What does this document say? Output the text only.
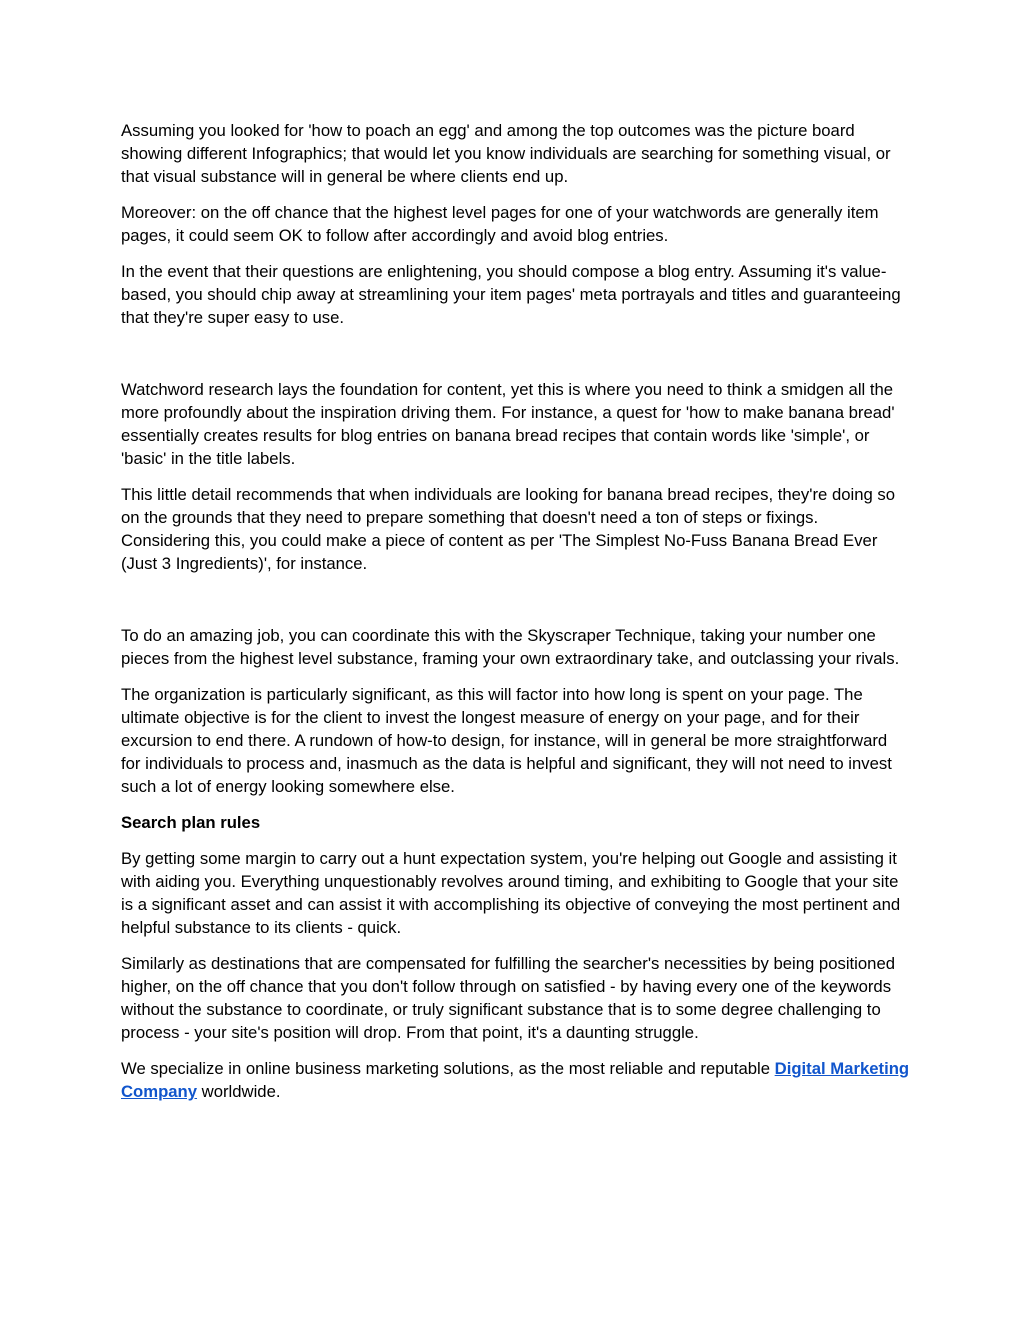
Assuming you looked for 'how to poach an egg' and among the top outcomes was the picture board showing different Infographics; that would let you know individuals are searching for something visual, or that visual substance will in general be where clients end up.

Moreover: on the off chance that the highest level pages for one of your watchwords are generally item pages, it could seem OK to follow after accordingly and avoid blog entries.

In the event that their questions are enlightening, you should compose a blog entry. Assuming it's value-based, you should chip away at streamlining your item pages' meta portrayals and titles and guaranteeing that they're super easy to use.

Watchword research lays the foundation for content, yet this is where you need to think a smidgen all the more profoundly about the inspiration driving them. For instance, a quest for 'how to make banana bread' essentially creates results for blog entries on banana bread recipes that contain words like 'simple', or 'basic' in the title labels.

This little detail recommends that when individuals are looking for banana bread recipes, they're doing so on the grounds that they need to prepare something that doesn't need a ton of steps or fixings. Considering this, you could make a piece of content as per 'The Simplest No-Fuss Banana Bread Ever (Just 3 Ingredients)', for instance.

To do an amazing job, you can coordinate this with the Skyscraper Technique, taking your number one pieces from the highest level substance, framing your own extraordinary take, and outclassing your rivals.

The organization is particularly significant, as this will factor into how long is spent on your page. The ultimate objective is for the client to invest the longest measure of energy on your page, and for their excursion to end there. A rundown of how-to design, for instance, will in general be more straightforward for individuals to process and, inasmuch as the data is helpful and significant, they will not need to invest such a lot of energy looking somewhere else.

Search plan rules

By getting some margin to carry out a hunt expectation system, you're helping out Google and assisting it with aiding you. Everything unquestionably revolves around timing, and exhibiting to Google that your site is a significant asset and can assist it with accomplishing its objective of conveying the most pertinent and helpful substance to its clients - quick.

Similarly as destinations that are compensated for fulfilling the searcher's necessities by being positioned higher, on the off chance that you don't follow through on satisfied - by having every one of the keywords without the substance to coordinate, or truly significant substance that is to some degree challenging to process - your site's position will drop. From that point, it's a daunting struggle.

We specialize in online business marketing solutions, as the most reliable and reputable Digital Marketing Company worldwide.
